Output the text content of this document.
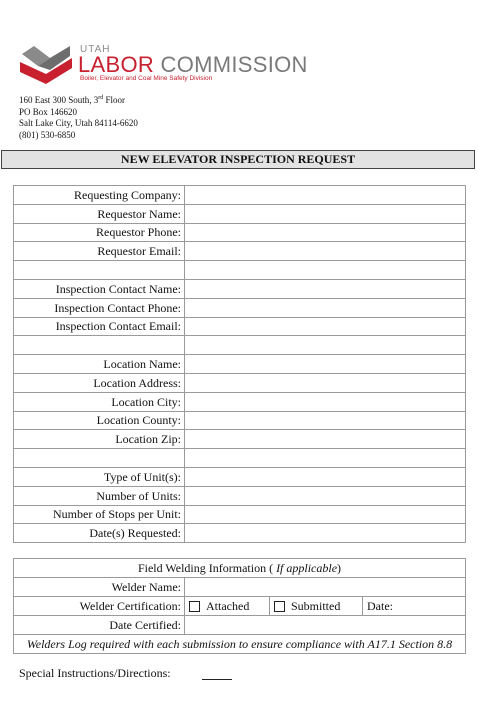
UTAH
LABOR COMMISSION
Boiler, Elevator and Coal Mine Safety Division
160 East 300 South, 3rd Floor
PO Box 146620
Salt Lake City, Utah 84114-6620
(801) 530-6850
NEW ELEVATOR INSPECTION REQUEST
Requesting Company:	
Requestor Name:	
Requestor Phone:	
Requestor Email:	

Inspection Contact Name:	
Inspection Contact Phone:	
Inspection Contact Email:	

Location Name:	
Location Address:	
Location City:	
Location County:	
Location Zip:	

Type of Unit(s):	
Number of Units:	
Number of Stops per Unit:	
Date(s) Requested:	
Field Welding Information ( If applicable)	
Welder Name:	
Welder Certification:	Attached Submitted Date:

Date Certified:	
Welders Log required with each submission to ensure compliance with A17.1 Section 8.8	
Special Instructions/Directions:
